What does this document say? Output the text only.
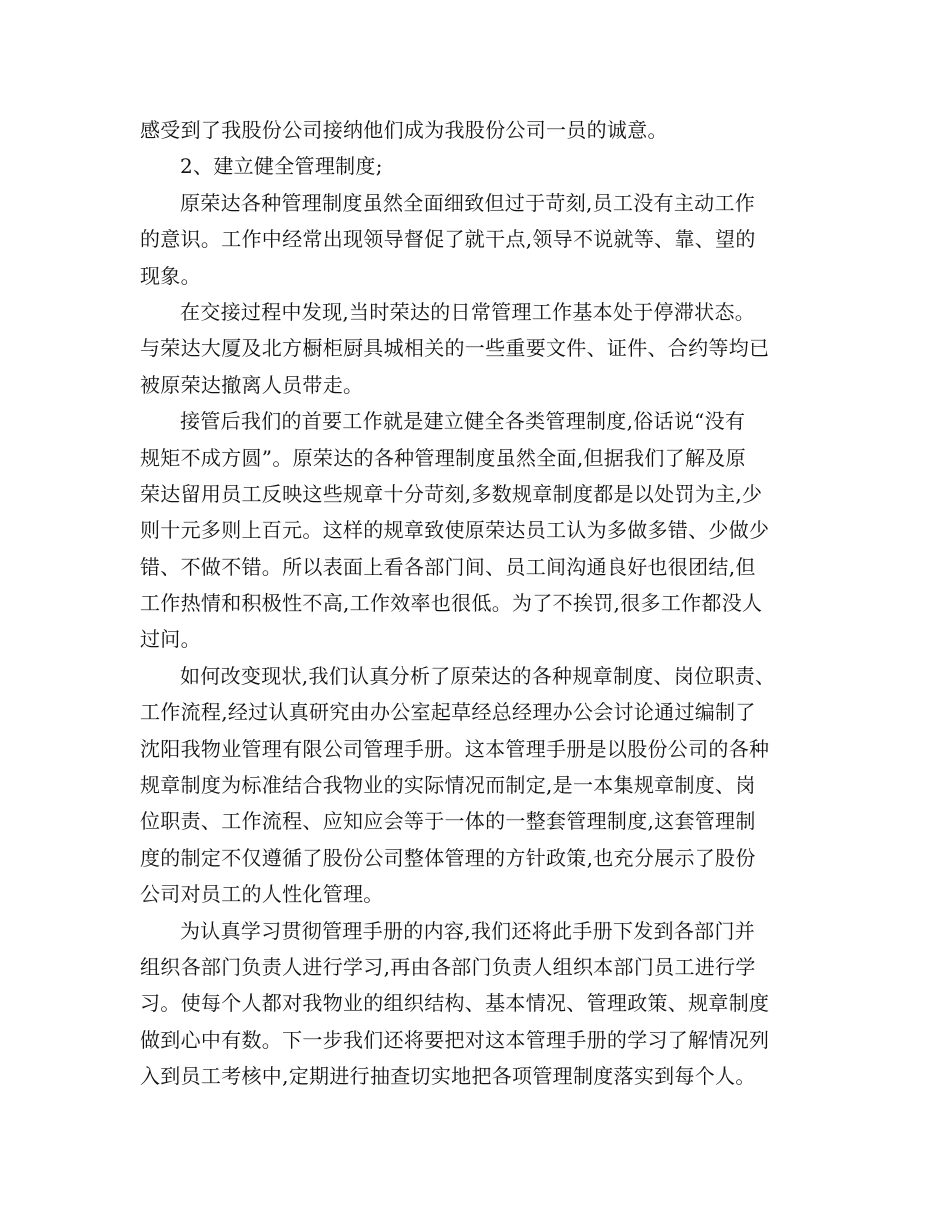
感受到了我股份公司接纳他们成为我股份公司一员的诚意。
2、建立健全管理制度;
原荣达各种管理制度虽然全面细致但过于苛刻,员工没有主动工作
的意识。工作中经常出现领导督促了就干点,领导不说就等、靠、望的
现象。
在交接过程中发现,当时荣达的日常管理工作基本处于停滞状态。
与荣达大厦及北方橱柜厨具城相关的一些重要文件、证件、合约等均已
被原荣达撤离人员带走。
接管后我们的首要工作就是建立健全各类管理制度,俗话说“没有
规矩不成方圆”。原荣达的各种管理制度虽然全面,但据我们了解及原
荣达留用员工反映这些规章十分苛刻,多数规章制度都是以处罚为主,少
则十元多则上百元。这样的规章致使原荣达员工认为多做多错、少做少
错、不做不错。所以表面上看各部门间、员工间沟通良好也很团结,但
工作热情和积极性不高,工作效率也很低。为了不挨罚,很多工作都没人
过问。
如何改变现状,我们认真分析了原荣达的各种规章制度、岗位职责、
工作流程,经过认真研究由办公室起草经总经理办公会讨论通过编制了
沈阳我物业管理有限公司管理手册。这本管理手册是以股份公司的各种
规章制度为标准结合我物业的实际情况而制定,是一本集规章制度、岗
位职责、工作流程、应知应会等于一体的一整套管理制度,这套管理制
度的制定不仅遵循了股份公司整体管理的方针政策,也充分展示了股份
公司对员工的人性化管理。
为认真学习贯彻管理手册的内容,我们还将此手册下发到各部门并
组织各部门负责人进行学习,再由各部门负责人组织本部门员工进行学
习。使每个人都对我物业的组织结构、基本情况、管理政策、规章制度
做到心中有数。下一步我们还将要把对这本管理手册的学习了解情况列
入到员工考核中,定期进行抽查切实地把各项管理制度落实到每个人。
